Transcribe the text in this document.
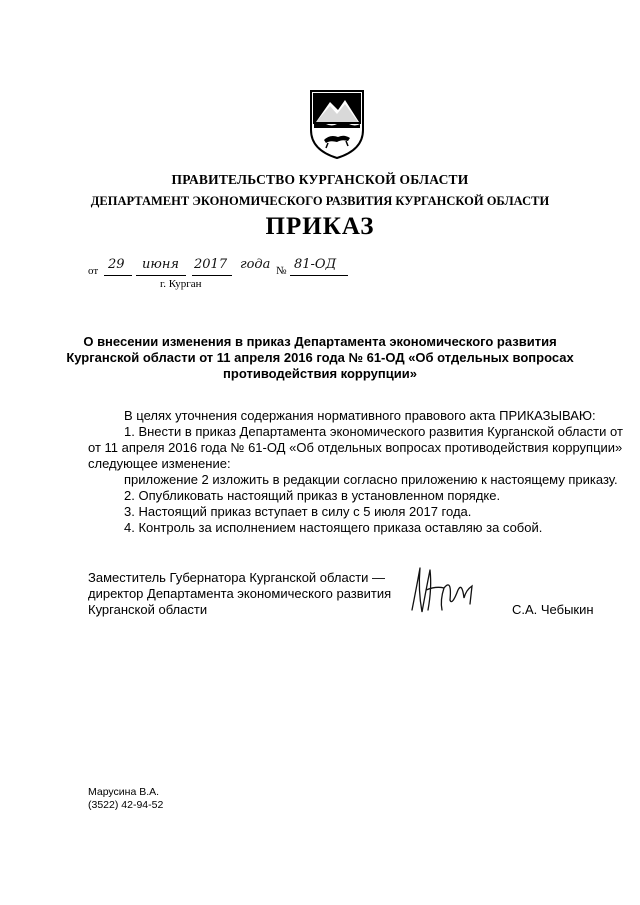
ПРАВИТЕЛЬСТВО КУРГАНСКОЙ ОБЛАСТИ
ДЕПАРТАМЕНТ ЭКОНОМИЧЕСКОГО РАЗВИТИЯ КУРГАНСКОЙ ОБЛАСТИ
ПРИКАЗ
от 29 июня 2017 года № 81-ОД
г. Курган
О внесении изменения в приказ Департамента экономического развития Курганской области от 11 апреля 2016 года № 61-ОД «Об отдельных вопросах противодействия коррупции»
В целях уточнения содержания нормативного правового акта ПРИКАЗЫВАЮ:
1. Внести в приказ Департамента экономического развития Курганской области от
от 11 апреля 2016 года № 61-ОД «Об отдельных вопросах противодействия коррупции»
следующее изменение:
приложение 2 изложить в редакции согласно приложению к настоящему приказу.
2. Опубликовать настоящий приказ в установленном порядке.
3. Настоящий приказ вступает в силу с 5 июля 2017 года.
4. Контроль за исполнением настоящего приказа оставляю за собой.
Заместитель Губернатора Курганской области —
директор Департамента экономического развития
Курганской области	С.А. Чебыкин
Марусина В.А.
(3522) 42-94-52
